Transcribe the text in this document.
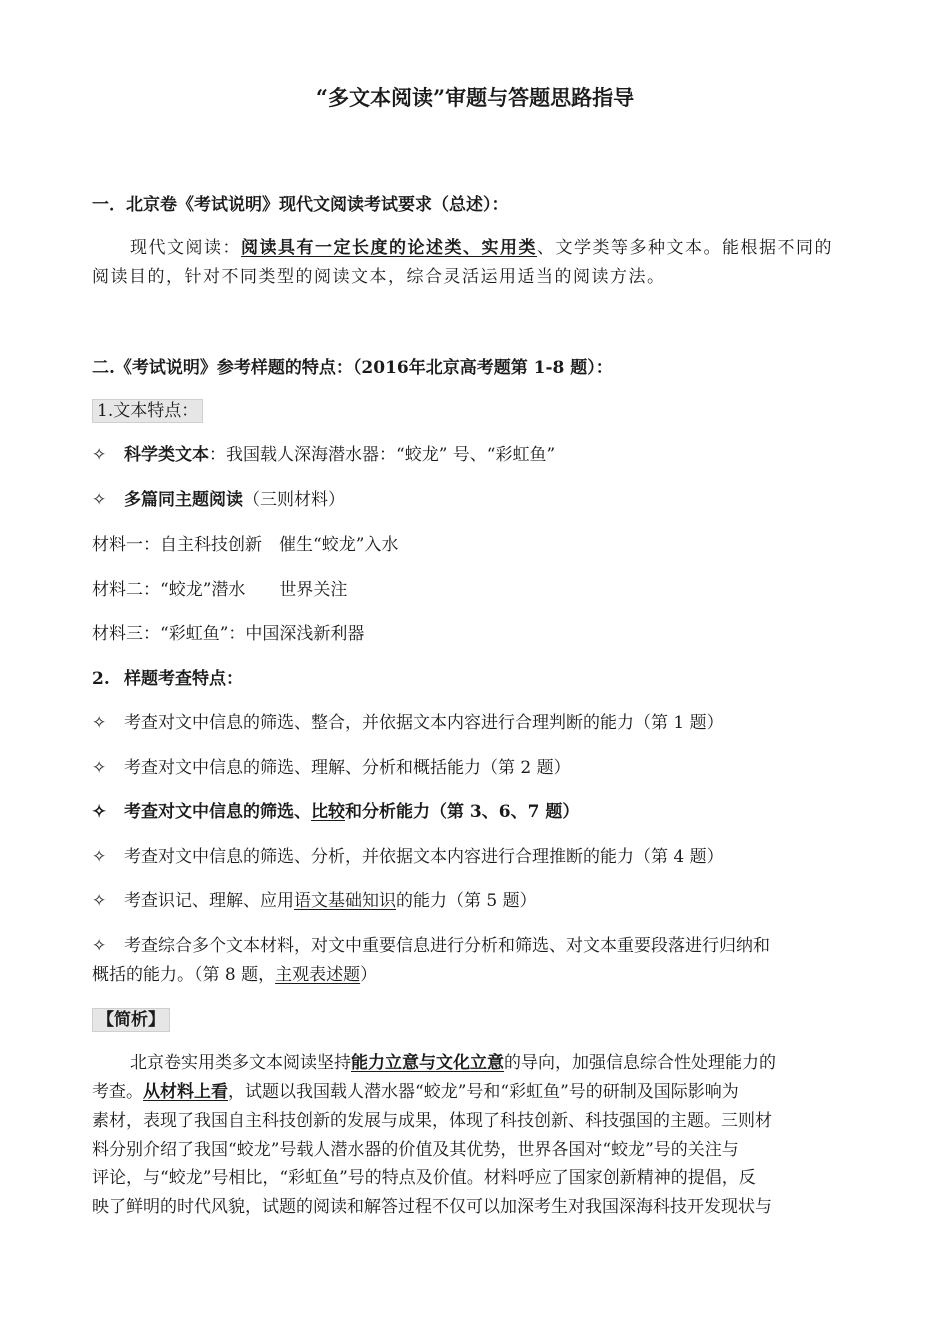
“多文本阅读”审题与答题思路指导
一．北京卷《考试说明》现代文阅读考试要求（总述）：
现代文阅读：阅读具有一定长度的论述类、实用类、文学类等多种文本。能根据不同的
阅读目的，针对不同类型的阅读文本，综合灵活运用适当的阅读方法。
二.《考试说明》参考样题的特点：（2016年北京高考题第 1-8 题）：
1.文本特点：
✧ 科学类文本：我国载人深海潜水器：“蛟龙” 号、“彩虹鱼”
✧ 多篇同主题阅读（三则材料）
材料一：自主科技创新　催生“蛟龙”入水
材料二：“蛟龙”潜水　　世界关注
材料三：“彩虹鱼”：中国深浅新利器
2. 样题考查特点：
✧ 考查对文中信息的筛选、整合，并依据文本内容进行合理判断的能力（第 1 题）
✧ 考查对文中信息的筛选、理解、分析和概括能力（第 2 题）
✧ 考查对文中信息的筛选、比较和分析能力（第 3、6、7 题）
✧ 考查对文中信息的筛选、分析，并依据文本内容进行合理推断的能力（第 4 题）
✧ 考查识记、理解、应用语文基础知识的能力（第 5 题）
✧ 考查综合多个文本材料，对文中重要信息进行分析和筛选、对文本重要段落进行归纳和
概括的能力。（第 8 题，主观表述题）
【简析】
北京卷实用类多文本阅读坚持能力立意与文化立意的导向，加强信息综合性处理能力的
考查。从材料上看，试题以我国载人潜水器“蛟龙”号和“彩虹鱼”号的研制及国际影响为
素材，表现了我国自主科技创新的发展与成果，体现了科技创新、科技强国的主题。三则材
料分别介绍了我国“蛟龙”号载人潜水器的价值及其优势，世界各国对“蛟龙”号的关注与
评论，与“蛟龙”号相比，“彩虹鱼”号的特点及价值。材料呼应了国家创新精神的提倡，反
映了鲜明的时代风貌，试题的阅读和解答过程不仅可以加深考生对我国深海科技开发现状与
